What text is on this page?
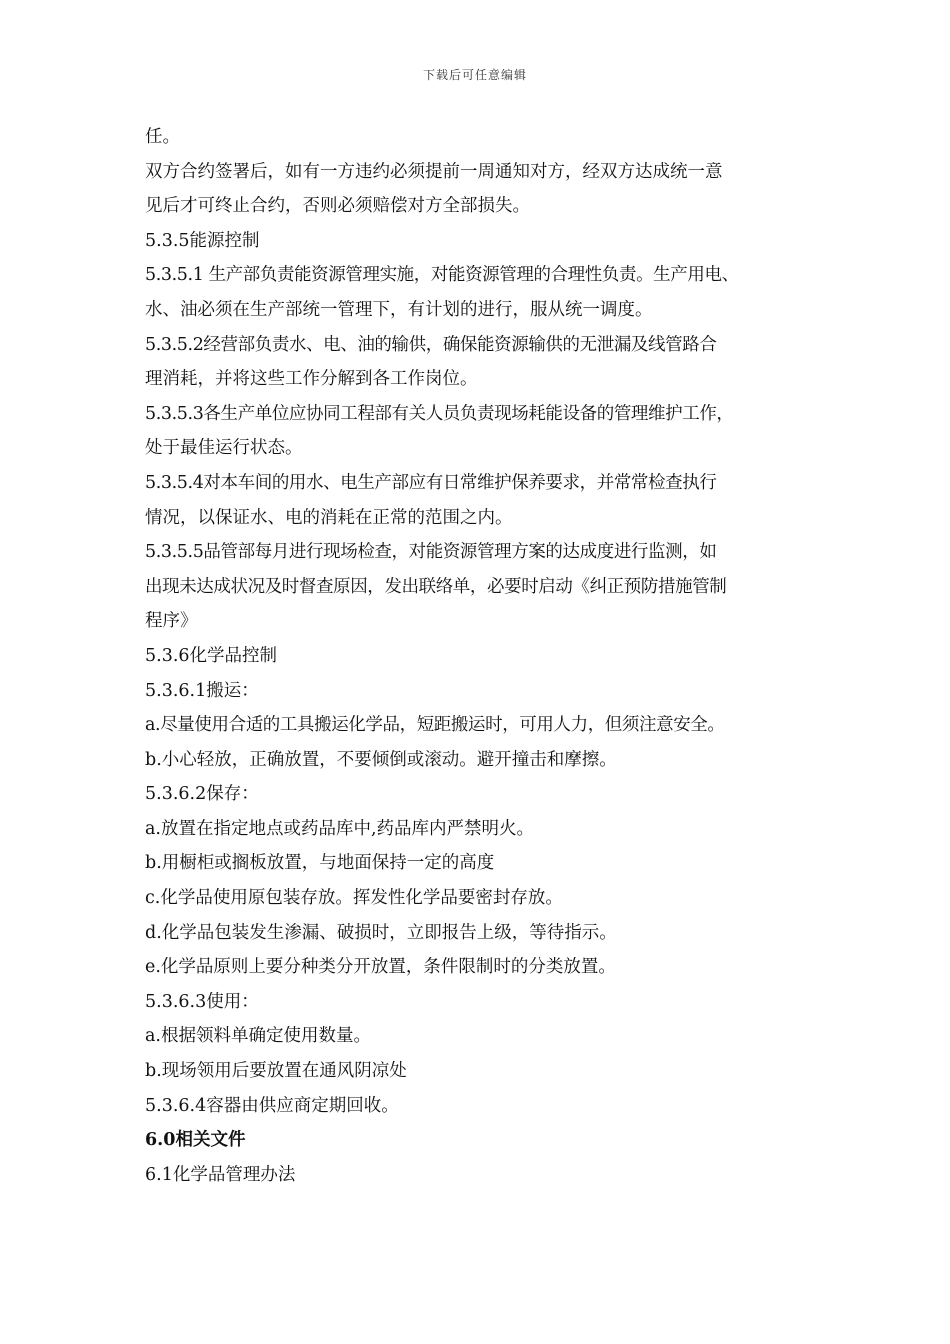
下载后可任意编辑
任。
双方合约签署后，如有一方违约必须提前一周通知对方，经双方达成统一意
见后才可终止合约，否则必须赔偿对方全部损失。
5.3.5能源控制
5.3.5.1 生产部负责能资源管理实施，对能资源管理的合理性负责。生产用电、
水、油必须在生产部统一管理下，有计划的进行，服从统一调度。
5.3.5.2经营部负责水、电、油的输供，确保能资源输供的无泄漏及线管路合
理消耗，并将这些工作分解到各工作岗位。
5.3.5.3各生产单位应协同工程部有关人员负责现场耗能设备的管理维护工作，
处于最佳运行状态。
5.3.5.4对本车间的用水、电生产部应有日常维护保养要求，并常常检查执行
情况，以保证水、电的消耗在正常的范围之内。
5.3.5.5品管部每月进行现场检查，对能资源管理方案的达成度进行监测，如
出现未达成状况及时督查原因，发出联络单，必要时启动《纠正预防措施管制
程序》
5.3.6化学品控制
5.3.6.1搬运：
a.尽量使用合适的工具搬运化学品，短距搬运时，可用人力，但须注意安全。
b.小心轻放，正确放置，不要倾倒或滚动。避开撞击和摩擦。
5.3.6.2保存：
a.放置在指定地点或药品库中,药品库内严禁明火。
b.用橱柜或搁板放置，与地面保持一定的高度
c.化学品使用原包装存放。挥发性化学品要密封存放。
d.化学品包装发生渗漏、破损时，立即报告上级，等待指示。
e.化学品原则上要分种类分开放置，条件限制时的分类放置。
5.3.6.3使用：
a.根据领料单确定使用数量。
b.现场领用后要放置在通风阴凉处
5.3.6.4容器由供应商定期回收。
6.0相关文件
6.1化学品管理办法
